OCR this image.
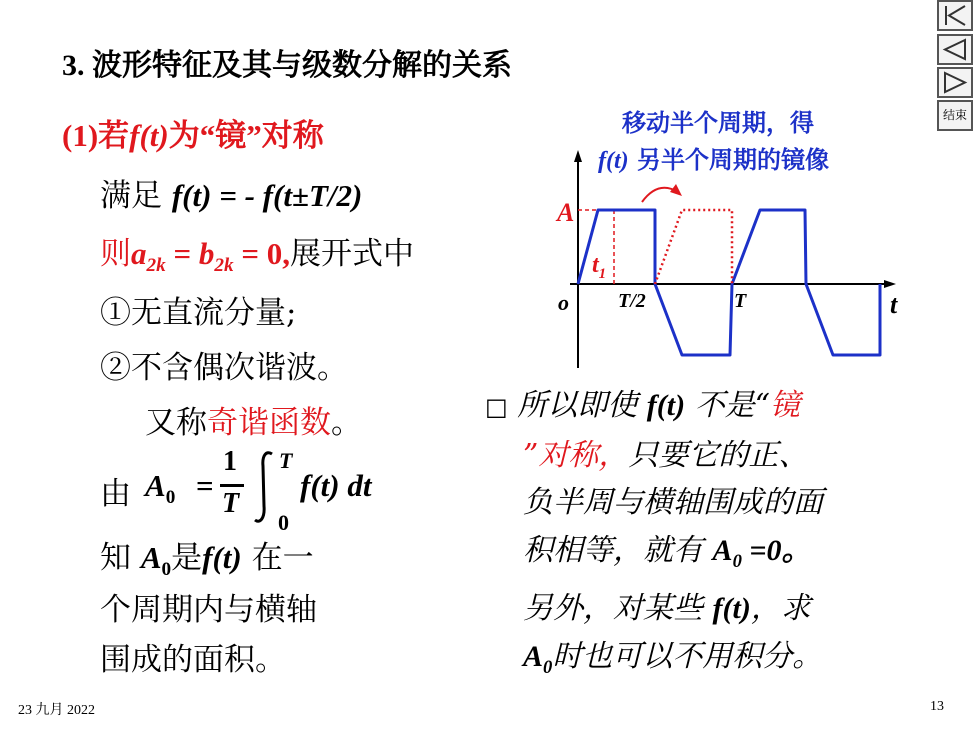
3. 波形特征及其与级数分解的关系
结束
(1)若f(t)为“镜”对称
满足 f(t) = - f(t±T/2)
则$a_{2k} = b_{2k} = 0$,展开式中
①无直流分量;
②不含偶次谐波。
又称奇谐函数。
由 $A_0$ =
1
T
T
0
f(t) dt
知 $A_0$是f(t) 在一
个周期内与横轴
围成的面积。
移动半个周期，得
f(t) 另半个周期的镜像
A
$t_1$
o T/2	T	t
□ 所以即使 f(t) 不是“镜
”对称，只要它的正、
负半周与横轴围成的面
积相等，就有 $A_0 =0$。
另外，对某些 f(t)，求
$A_0$时也可以不用积分。
23 九月 2022	13
